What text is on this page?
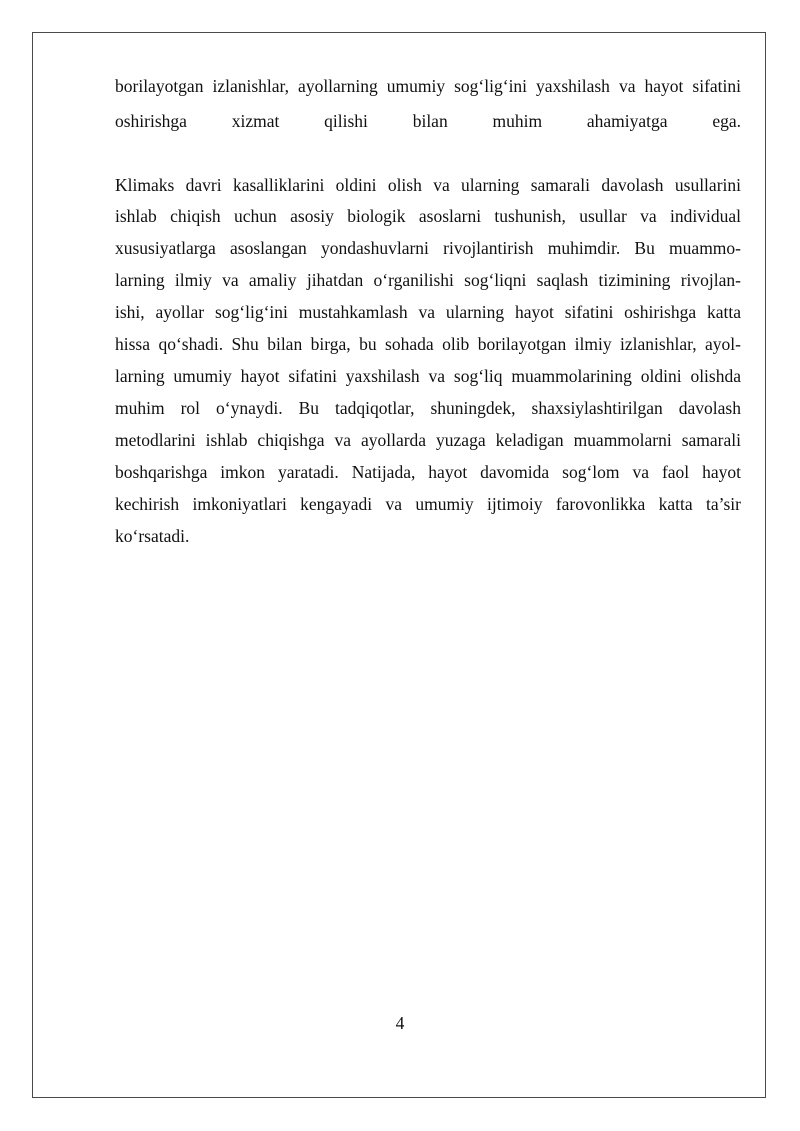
borilayotgan izlanishlar, ayollarning umumiy sog‘lig‘ini yaxshilash va hayot sifatini
oshirishga xizmat qilishi bilan muhim ahamiyatga ega.
Klimaks davri kasalliklarini oldini olish va ularning samarali davolash usullarini
ishlab chiqish uchun asosiy biologik asoslarni tushunish, usullar va individual
xususiyatlarga asoslangan yondashuvlarni rivojlantirish muhimdir. Bu muammo-
larning ilmiy va amaliy jihatdan o‘rganilishi sog‘liqni saqlash tizimining rivojlan-
ishi, ayollar sog‘lig‘ini mustahkamlash va ularning hayot sifatini oshirishga katta
hissa qo‘shadi. Shu bilan birga, bu sohada olib borilayotgan ilmiy izlanishlar, ayol-
larning umumiy hayot sifatini yaxshilash va sog‘liq muammolarining oldini olishda
muhim rol o‘ynaydi. Bu tadqiqotlar, shuningdek, shaxsiylashtirilgan davolash
metodlarini ishlab chiqishga va ayollarda yuzaga keladigan muammolarni samarali
boshqarishga imkon yaratadi. Natijada, hayot davomida sog‘lom va faol hayot
kechirish imkoniyatlari kengayadi va umumiy ijtimoiy farovonlikka katta ta’sir
ko‘rsatadi.
4
